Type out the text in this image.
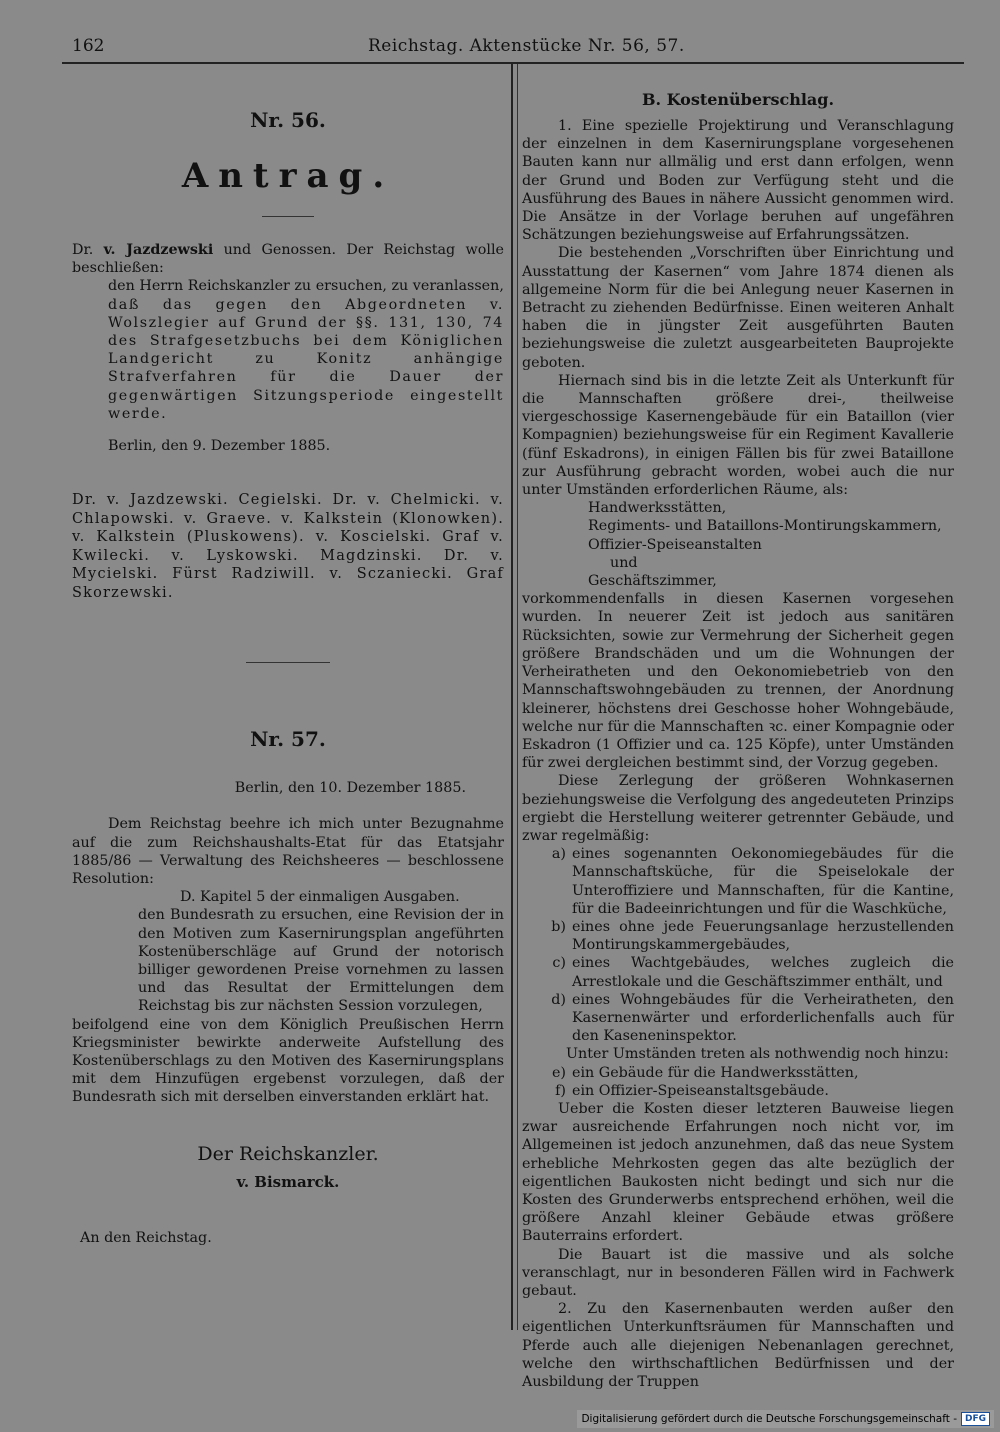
162	Reichstag. Aktenstücke Nr. 56, 57.
Nr. 56.
Antrag.

Dr. v. Jazdzewski und Genossen. Der Reichstag wolle beschließen:

den Herrn Reichskanzler zu ersuchen, zu veranlassen,

daß das gegen den Abgeordneten v. Wolszlegier auf Grund der §§. 131, 130, 74 des Strafgesetzbuchs bei dem Königlichen Landgericht zu Konitz anhängige Strafverfahren für die Dauer der gegenwärtigen Sitzungsperiode eingestellt werde.

Berlin, den 9. Dezember 1885.

Dr. v. Jazdzewski. Cegielski. Dr. v. Chelmicki. v. Chlapowski. v. Graeve. v. Kalkstein (Klonowken). v. Kalkstein (Pluskowens). v. Koscielski. Graf v. Kwilecki. v. Lyskowski. Magdzinski. Dr. v. Mycielski. Fürst Radziwill. v. Sczaniecki. Graf Skorzewski.

Nr. 57.

Berlin, den 10. Dezember 1885.

Dem Reichstag beehre ich mich unter Bezugnahme auf die zum Reichshaushalts-Etat für das Etatsjahr 1885/86 — Verwaltung des Reichsheeres — beschlossene Resolution:

D. Kapitel 5 der einmaligen Ausgaben.

den Bundesrath zu ersuchen, eine Revision der in den Motiven zum Kasernirungsplan angeführten Kostenüberschläge auf Grund der notorisch billiger gewordenen Preise vornehmen zu lassen und das Resultat der Ermittelungen dem Reichstag bis zur nächsten Session vorzulegen,

beifolgend eine von dem Königlich Preußischen Herrn Kriegsminister bewirkte anderweite Aufstellung des Kostenüberschlags zu den Motiven des Kasernirungsplans mit dem Hinzufügen ergebenst vorzulegen, daß der Bundesrath sich mit derselben einverstanden erklärt hat.

Der Reichskanzler.
v. Bismarck.

An den Reichstag.

B. Kostenüberschlag.

1. Eine spezielle Projektirung und Veranschlagung der einzelnen in dem Kasernirungsplane vorgesehenen Bauten kann nur allmälig und erst dann erfolgen, wenn der Grund und Boden zur Verfügung steht und die Ausführung des Baues in nähere Aussicht genommen wird. Die Ansätze in der Vorlage beruhen auf ungefähren Schätzungen beziehungsweise auf Erfahrungssätzen.

Die bestehenden „Vorschriften über Einrichtung und Ausstattung der Kasernen“ vom Jahre 1874 dienen als allgemeine Norm für die bei Anlegung neuer Kasernen in Betracht zu ziehenden Bedürfnisse. Einen weiteren Anhalt haben die in jüngster Zeit ausgeführten Bauten beziehungsweise die zuletzt ausgearbeiteten Bauprojekte geboten.

Hiernach sind bis in die letzte Zeit als Unterkunft für die Mannschaften größere drei-, theilweise viergeschossige Kasernengebäude für ein Bataillon (vier Kompagnien) beziehungsweise für ein Regiment Kavallerie (fünf Eskadrons), in einigen Fällen bis für zwei Bataillone zur Ausführung gebracht worden, wobei auch die nur unter Umständen erforderlichen Räume, als:

Handwerksstätten,
Regiments- und Bataillons-Montirungskammern,
Offizier-Speiseanstalten
und
Geschäftszimmer,

vorkommendenfalls in diesen Kasernen vorgesehen wurden. In neuerer Zeit ist jedoch aus sanitären Rücksichten, sowie zur Vermehrung der Sicherheit gegen größere Brandschäden und um die Wohnungen der Verheiratheten und den Oekonomiebetrieb von den Mannschaftswohngebäuden zu trennen, der Anordnung kleinerer, höchstens drei Geschosse hoher Wohngebäude, welche nur für die Mannschaften ꝛc. einer Kompagnie oder Eskadron (1 Offizier und ca. 125 Köpfe), unter Umständen für zwei dergleichen bestimmt sind, der Vorzug gegeben.

Diese Zerlegung der größeren Wohnkasernen beziehungsweise die Verfolgung des angedeuteten Prinzips ergiebt die Herstellung weiterer getrennter Gebäude, und zwar regelmäßig:

a) eines sogenannten Oekonomiegebäudes für die Mannschaftsküche, für die Speiselokale der Unteroffiziere und Mannschaften, für die Kantine, für die Badeeinrichtungen und für die Waschküche,
b) eines ohne jede Feuerungsanlage herzustellenden Montirungskammergebäudes,
c) eines Wachtgebäudes, welches zugleich die Arrestlokale und die Geschäftszimmer enthält, und
d) eines Wohngebäudes für die Verheiratheten, den Kasernenwärter und erforderlichenfalls auch für den Kaseneninspektor.

Unter Umständen treten als nothwendig noch hinzu:

e) ein Gebäude für die Handwerksstätten,
f) ein Offizier-Speiseanstaltsgebäude.

Ueber die Kosten dieser letzteren Bauweise liegen zwar ausreichende Erfahrungen noch nicht vor, im Allgemeinen ist jedoch anzunehmen, daß das neue System erhebliche Mehrkosten gegen das alte bezüglich der eigentlichen Baukosten nicht bedingt und sich nur die Kosten des Grunderwerbs entsprechend erhöhen, weil die größere Anzahl kleiner Gebäude etwas größere Bauterrains erfordert.

Die Bauart ist die massive und als solche veranschlagt, nur in besonderen Fällen wird in Fachwerk gebaut.

2. Zu den Kasernenbauten werden außer den eigentlichen Unterkunftsräumen für Mannschaften und Pferde auch alle diejenigen Nebenanlagen gerechnet, welche den wirthschaftlichen Bedürfnissen und der Ausbildung der Truppen

Digitalisierung gefördert durch die Deutsche Forschungsgemeinschaft - DFG
